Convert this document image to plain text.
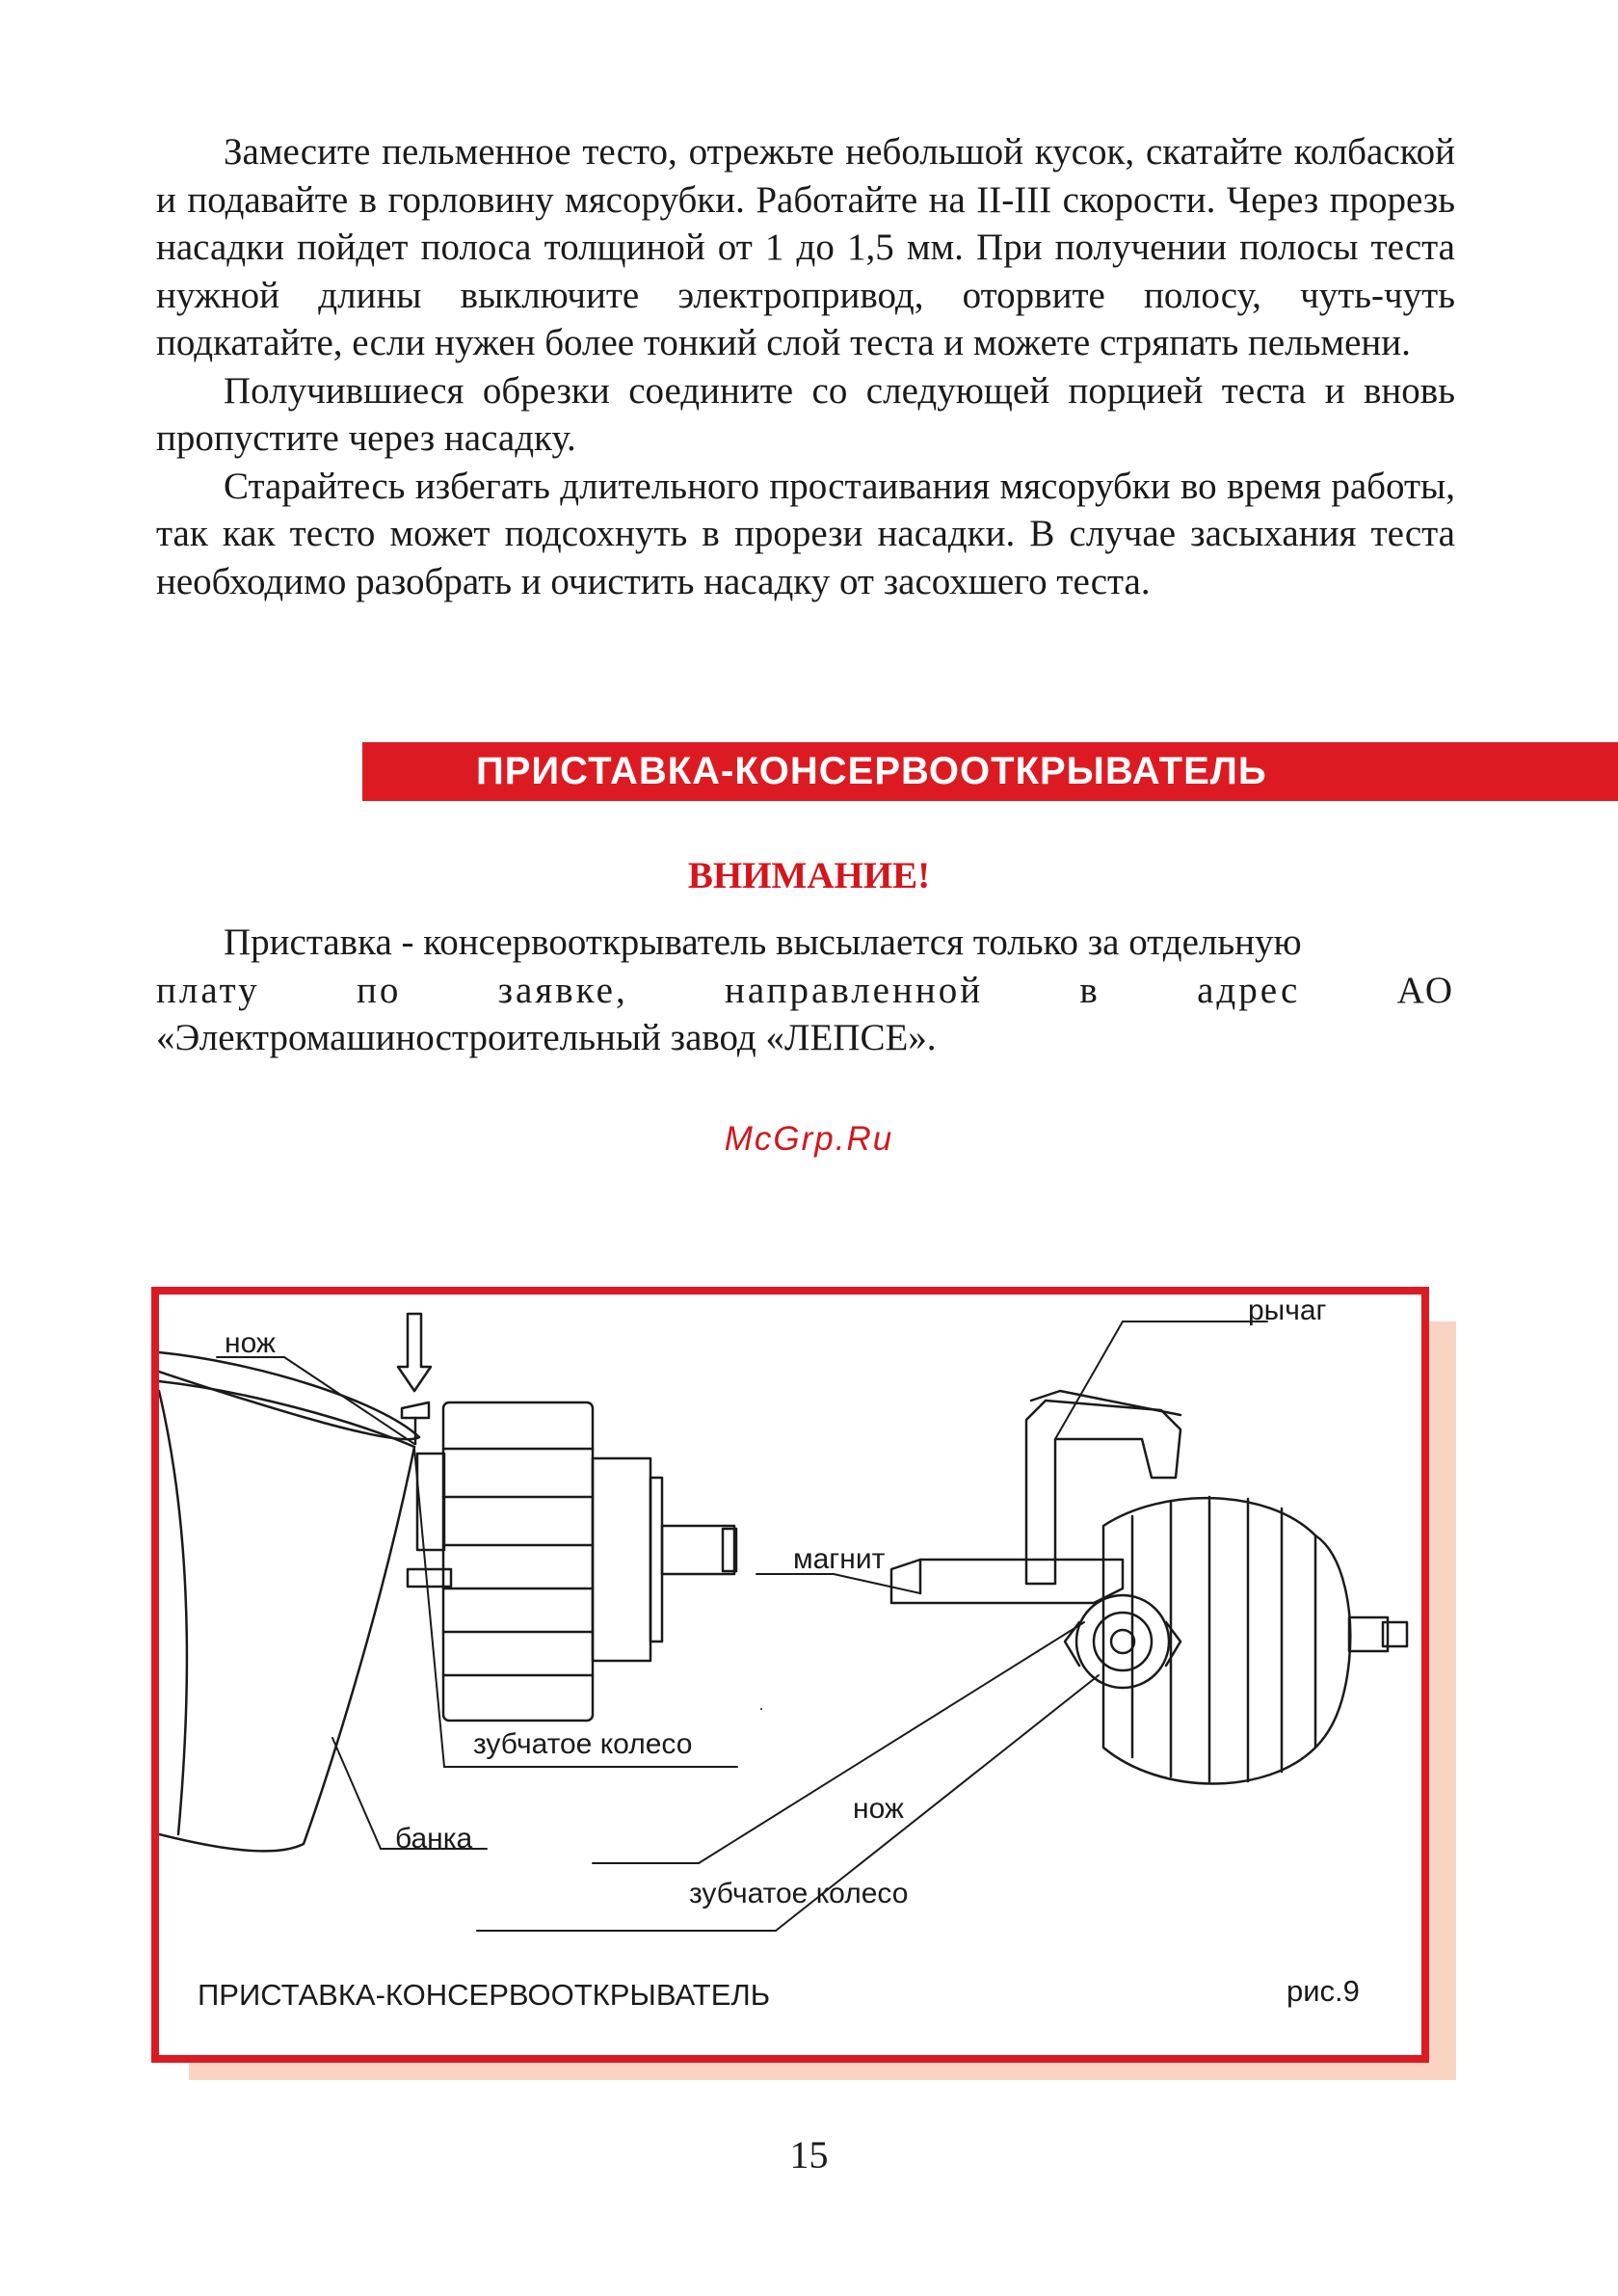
Замесите пельменное тесто, отрежьте небольшой кусок, скатайте колбаской и подавайте в горловину мясорубки. Работайте на II-III скорости. Через прорезь насадки пойдет полоса толщиной от 1 до 1,5 мм. При получении полосы теста нужной длины выключите электропривод, оторвите полосу, чуть-чуть подкатайте, если нужен более тонкий слой теста и можете стряпать пельмени.

Получившиеся обрезки соедините со следующей порцией теста и вновь пропустите через насадку.

Старайтесь избегать длительного простаивания мясорубки во время работы, так как тесто может подсохнуть в прорези насадки. В случае засыхания теста необходимо разобрать и очистить насадку от засохшего теста.

ПРИСТАВКА-КОНСЕРВООТКРЫВАТЕЛЬ
ВНИМАНИЕ!

Приставка - консервооткрыватель высылается только за отдельную

плату по заявке, направленной в адрес АО

«Электромашиностроительный завод «ЛЕПСЕ».

McGrp.Ru
нож
зубчатое колесо
банка
рычаг
магнит
нож
зубчатое колесо
ПРИСТАВКА-КОНСЕРВООТКРЫВАТЕЛЬ	рис.9
15
